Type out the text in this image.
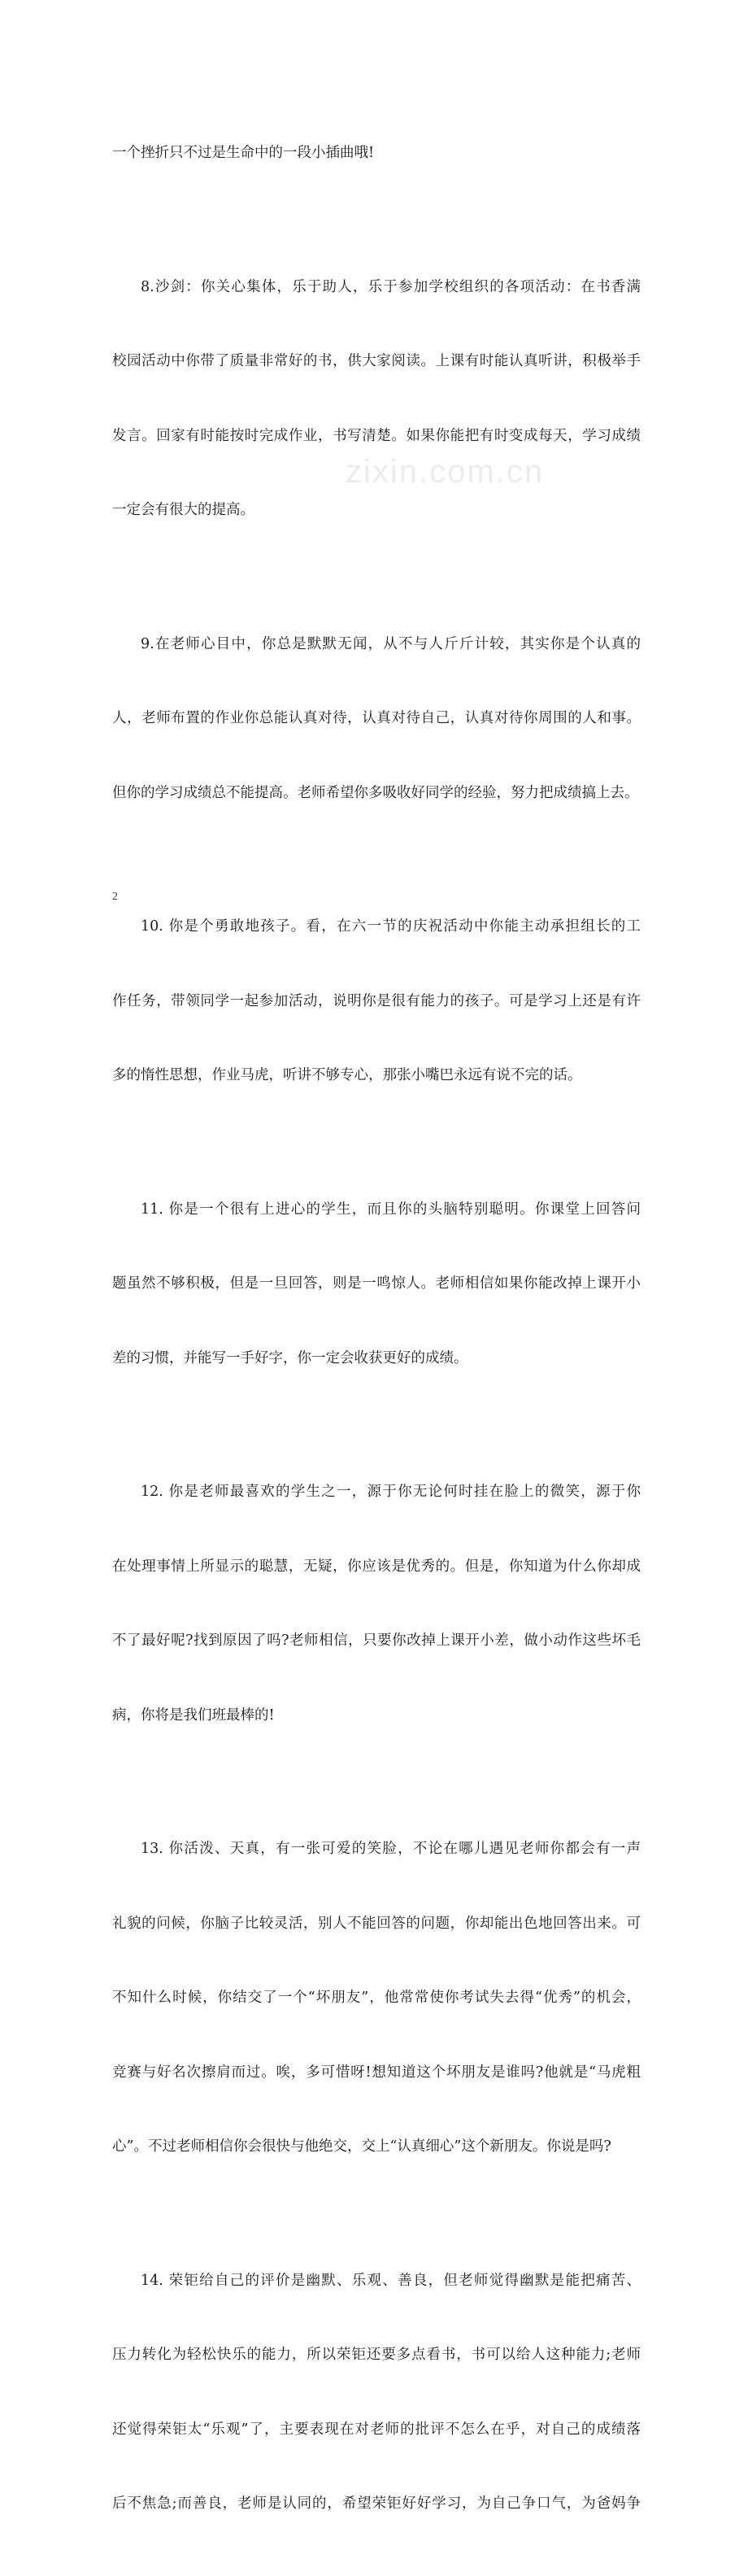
zixin.com.cn

一个挫折只不过是生命中的一段小插曲哦!

8.沙剑：你关心集体，乐于助人，乐于参加学校组织的各项活动：在书香满

校园活动中你带了质量非常好的书，供大家阅读。上课有时能认真听讲，积极举手

发言。回家有时能按时完成作业，书写清楚。如果你能把有时变成每天，学习成绩

一定会有很大的提高。

9.在老师心目中，你总是默默无闻，从不与人斤斤计较，其实你是个认真的

人，老师布置的作业你总能认真对待，认真对待自己，认真对待你周围的人和事。

但你的学习成绩总不能提高。老师希望你多吸收好同学的经验，努力把成绩搞上去。

10. 你是个勇敢地孩子。看，在六一节的庆祝活动中你能主动承担组长的工

作任务，带领同学一起参加活动，说明你是很有能力的孩子。可是学习上还是有许

多的惰性思想，作业马虎，听讲不够专心，那张小嘴巴永远有说不完的话。

11. 你是一个很有上进心的学生，而且你的头脑特别聪明。你课堂上回答问

题虽然不够积极，但是一旦回答，则是一鸣惊人。老师相信如果你能改掉上课开小

差的习惯，并能写一手好字，你一定会收获更好的成绩。

12. 你是老师最喜欢的学生之一，源于你无论何时挂在脸上的微笑，源于你

在处理事情上所显示的聪慧，无疑，你应该是优秀的。但是，你知道为什么你却成

不了最好呢?找到原因了吗?老师相信，只要你改掉上课开小差，做小动作这些坏毛

病，你将是我们班最棒的!

13. 你活泼、天真，有一张可爱的笑脸，不论在哪儿遇见老师你都会有一声

礼貌的问候，你脑子比较灵活，别人不能回答的问题，你却能出色地回答出来。可

不知什么时候，你结交了一个“坏朋友”，他常常使你考试失去得“优秀”的机会，

竞赛与好名次擦肩而过。唉，多可惜呀!想知道这个坏朋友是谁吗?他就是“马虎粗

心”。不过老师相信你会很快与他绝交，交上“认真细心”这个新朋友。你说是吗?

14. 荣钜给自己的评价是幽默、乐观、善良，但老师觉得幽默是能把痛苦、

压力转化为轻松快乐的能力，所以荣钜还要多点看书，书可以给人这种能力;老师

还觉得荣钜太“乐观”了，主要表现在对老师的批评不怎么在乎，对自己的成绩落

后不焦急;而善良，老师是认同的，希望荣钜好好学习，为自己争口气，为爸妈争

2
